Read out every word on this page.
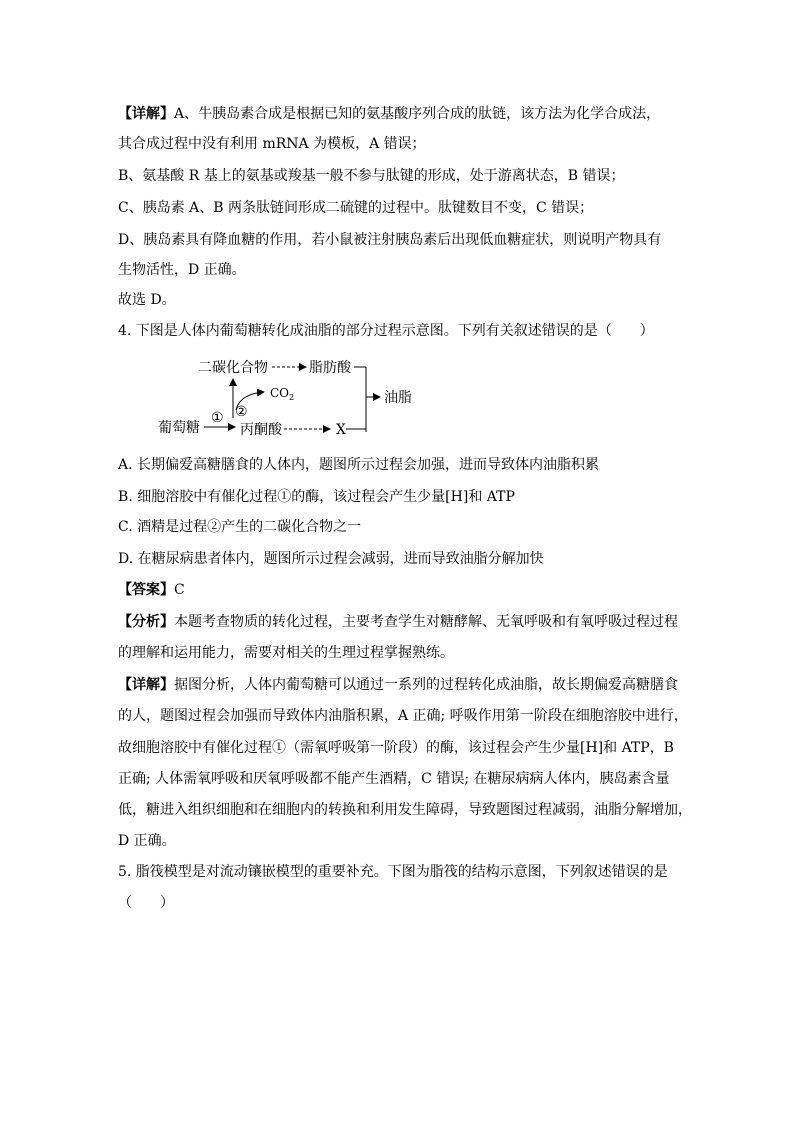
【详解】A、牛胰岛素合成是根据已知的氨基酸序列合成的肽链，该方法为化学合成法，
其合成过程中没有利用 mRNA 为模板，A 错误；
B、氨基酸 R 基上的氨基或羧基一般不参与肽键的形成，处于游离状态，B 错误；
C、胰岛素 A、B 两条肽链间形成二硫键的过程中。肽键数目不变，C 错误；
D、胰岛素具有降血糖的作用，若小鼠被注射胰岛素后出现低血糖症状，则说明产物具有
生物活性，D 正确。
故选 D。
4. 下图是人体内葡萄糖转化成油脂的部分过程示意图。下列有关叙述错误的是（　　）
二碳化合物	脂肪酸
油脂
$CO_2$
②
葡萄糖
①
丙酮酸	X
A. 长期偏爱高糖膳食的人体内，题图所示过程会加强，进而导致体内油脂积累
B. 细胞溶胶中有催化过程①的酶，该过程会产生少量[H]和 ATP
C. 酒精是过程②产生的二碳化合物之一
D. 在糖尿病患者体内，题图所示过程会减弱，进而导致油脂分解加快
【答案】C
【分析】本题考查物质的转化过程，主要考查学生对糖酵解、无氧呼吸和有氧呼吸过程过程
的理解和运用能力，需要对相关的生理过程掌握熟练。
【详解】据图分析，人体内葡萄糖可以通过一系列的过程转化成油脂，故长期偏爱高糖膳食
的人，题图过程会加强而导致体内油脂积累，A 正确; 呼吸作用第一阶段在细胞溶胶中进行，
故细胞溶胶中有催化过程①（需氧呼吸第一阶段）的酶，该过程会产生少量[H]和 ATP，B
正确; 人体需氧呼吸和厌氧呼吸都不能产生酒精，C 错误; 在糖尿病病人体内，胰岛素含量
低，糖进入组织细胞和在细胞内的转换和利用发生障碍，导致题图过程减弱，油脂分解增加，
D 正确。
5. 脂筏模型是对流动镶嵌模型的重要补充。下图为脂筏的结构示意图，下列叙述错误的是
（　　）
